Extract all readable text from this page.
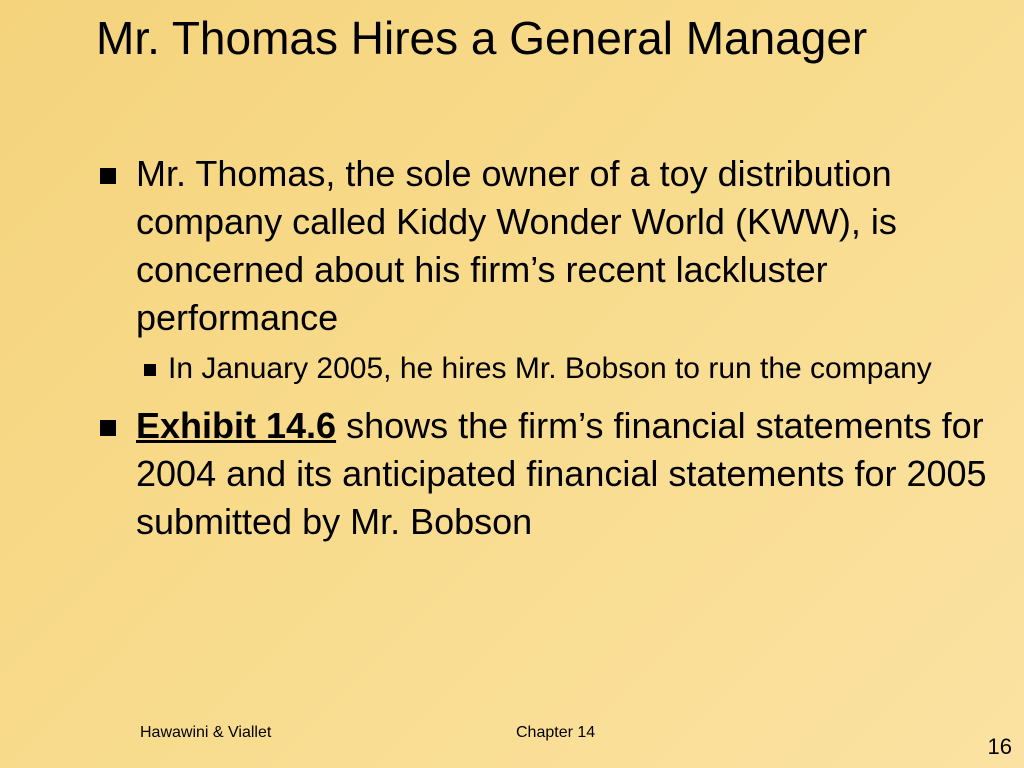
Mr. Thomas Hires a General Manager
Mr. Thomas, the sole owner of a toy distribution company called Kiddy Wonder World (KWW), is concerned about his firm’s recent lackluster performance
In January 2005, he hires Mr. Bobson to run the company
Exhibit 14.6 shows the firm’s financial statements for 2004 and its anticipated financial statements for 2005 submitted by Mr. Bobson
Hawawini & Viallet	Chapter 14
16
